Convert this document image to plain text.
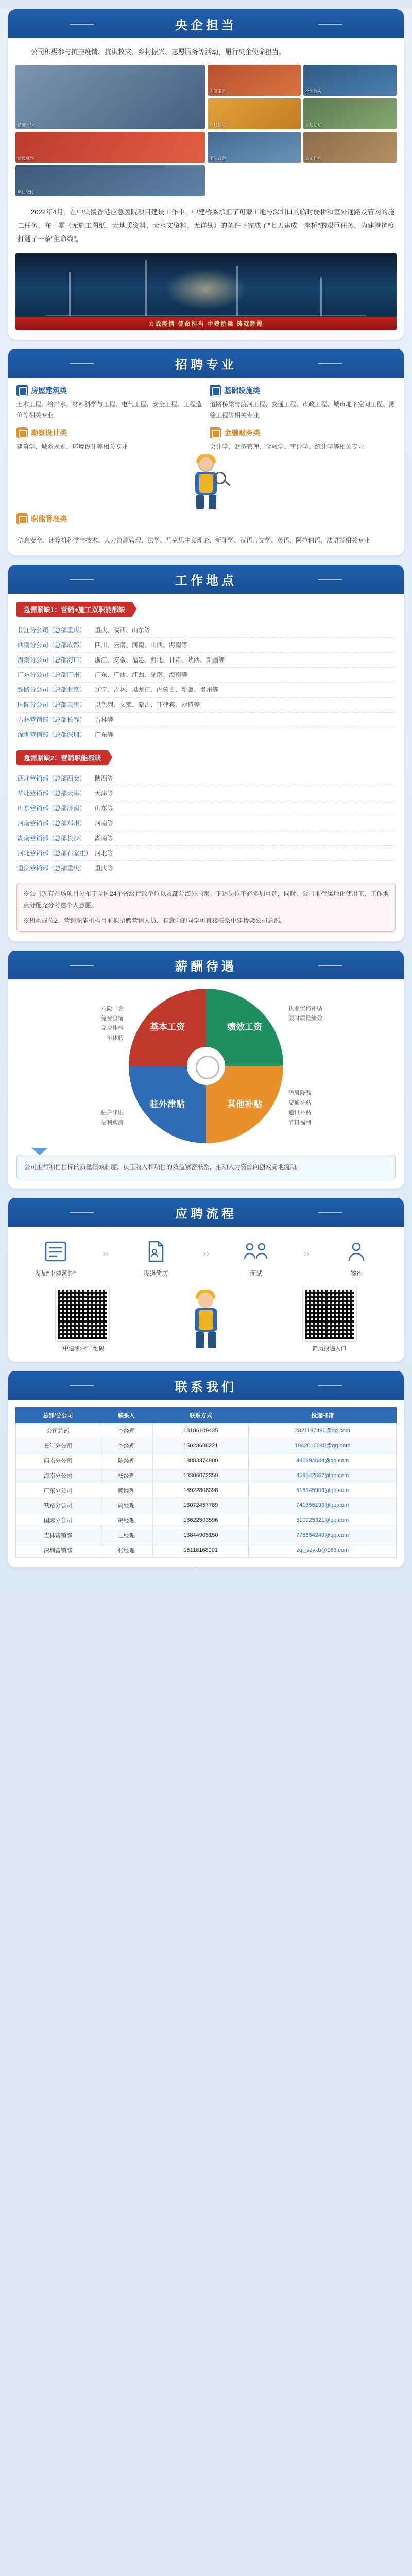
央企担当
公司积极参与抗击疫情、抗洪救灾、乡村振兴、志愿服务等活动，履行央企使命担当。
抗疫一线
志愿服务	抢险救灾
乡村振兴	党建活动
建设现场	团队合影	施工作业
项目交付
2022年4月，在中央援香港应急医院项目建设工作中，中建桥梁承担了可蒙工地与深圳口的临时弱桥和室外通路及管网的施工任务，在「零（无施工图纸、无地质资料、无水文资料、无详勘）的条件下完成了"七天建成一座桥"的艰巨任务，为建港抗疫打通了一条"生命线"。
力战疫情 使命担当 中建桥梁 铸就辉煌
招聘专业
房屋建筑类
土木工程、给排水、材料科学与工程、电气工程、安全工程、工程造价等相关专业
基础设施类
道路桥梁与渡河工程、交通工程、市政工程、城市地下空间工程、测绘工程等相关专业
勘察设计类
建筑学、城乡规划、环境设计等相关专业
金融财务类
会计学、财务管理、金融学、审计学、统计学等相关专业
职能管理类
信息安全、计算机科学与技术、人力资源管理、法学、马克思主义理论、新闻学、汉语言文学、英语、阿拉伯语、法语等相关专业
工作地点
急需紧缺1：营销+施工双职能都缺
长江分公司（总部重庆）	重庆、陕西、山东等
西南分公司（总部成都）	四川、云南、河南、山西、海南等
海南分公司（总部海口）	浙江、安徽、福建、河北、甘肃、陕西、新疆等
广东分公司（总部广州）	广东、广西、江西、湖南、海南等
铁路分公司（总部北京）	辽宁、吉林、黑龙江、内蒙古、新疆、贵州等
国际分公司（总部天津）	以色列、文莱、蒙古、菲律宾、沙特等
吉林营销部（总部长春）	吉林等
深圳营销部（总部深圳）	广东等
急需紧缺2：营销职能都缺
西北营销部（总部西安）	陕西等
华北营销部（总部天津）	天津等
山东营销部（总部济南）	山东等
河南营销部（总部郑州）	河南等
湖南营销部（总部长沙）	湖南等
河北营销部（总部石家庄） 河北等
重庆营销部（总部重庆）	重庆等
※公司现有在场项目分布于全国24个省级行政单位以及部分海外国家。下述岗位不必多加可选，同时，公司推行属地化使用工，工作地点分配充分考虑个人意愿。
※机构岗位2：营销职能机构目前拟招聘营销人员，有意向的同学可直接联系中建桥梁公司总部。
薪酬待遇
基本工资	绩效工资
驻外津贴	其他补贴
六险二金
免费食宿
免费体检
年休假
执业资格补贴
限时质量绩效
驻户津贴
福利购房
防暑降温
交通补贴
通讯补贴
节日福利
公司推行项目目标的质量绩效制度，员工收入和项目的效益紧密联系，推动人力资源向创效高地流动。
应聘流程
参加"中建测评"
››
投递简历
››
面试
››
签约
"中建测评"二维码	简历投递入口
联系我们
总部/分公司	联系人	联系方式	投递邮箱
公司总部	李经理	18186109435	2821197496@qq.com
长江分公司	李经理	15023688221	1942016040@qq.com
西南分公司	陈经理	18883374900	490994644@qq.com
海南分公司	杨经理	13306072350	459542567@qq.com
广东分公司	赖经理	18922808398	515945906@qq.com
铁路分公司	周经理	13072457789	741355193@qq.com
国际分公司	韩经理	18622503596	510925321@qq.com
吉林营销部	王经理	13844905150	775854249@qq.com
深圳营销部	张经理	15118168001	zql_szyxb@163.com
